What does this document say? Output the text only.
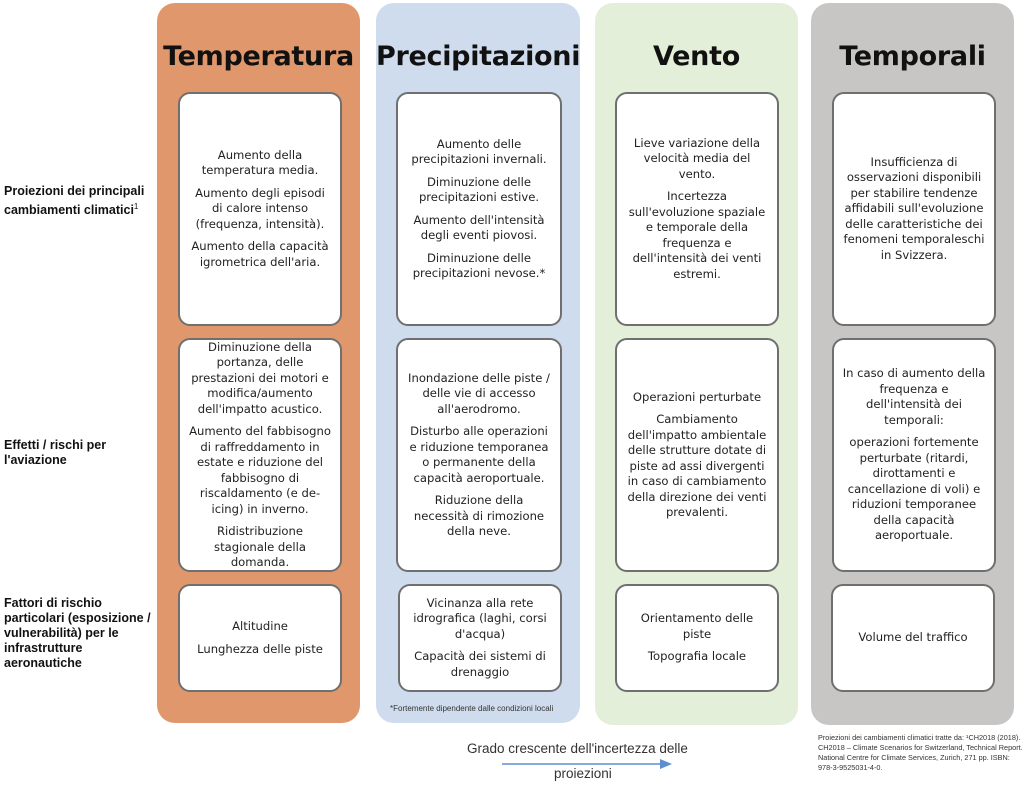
Proiezioni dei principali cambiamenti climatici$^1$
Effetti / rischi per l'aviazione
Fattori di rischio particolari (esposizione / vulnerabilità) per le infrastrutture aeronautiche
Temperatura

Aumento della temperatura media.

Aumento degli episodi di calore intenso (frequenza, intensità).

Aumento della capacità igrometrica dell'aria.

Diminuzione della portanza, delle prestazioni dei motori e modifica/aumento dell'impatto acustico.

Aumento del fabbisogno di raffreddamento in estate e riduzione del fabbisogno di riscaldamento (e de-icing) in inverno.

Ridistribuzione stagionale della domanda.

Altitudine

Lunghezza delle piste

Precipitazioni

Aumento delle precipitazioni invernali.

Diminuzione delle precipitazioni estive.

Aumento dell'intensità degli eventi piovosi.

Diminuzione delle precipitazioni nevose.*

Inondazione delle piste / delle vie di accesso all'aerodromo.

Disturbo alle operazioni e riduzione temporanea o permanente della capacità aeroportuale.

Riduzione della necessità di rimozione della neve.

Vicinanza alla rete idrografica (laghi, corsi d'acqua)

Capacità dei sistemi di drenaggio

*Fortemente dipendente dalle condizioni locali
Vento

Lieve variazione della velocità media del vento.

Incertezza sull'evoluzione spaziale e temporale della frequenza e dell'intensità dei venti estremi.

Operazioni perturbate

Cambiamento dell'impatto ambientale delle strutture dotate di piste ad assi divergenti in caso di cambiamento della direzione dei venti prevalenti.

Orientamento delle piste

Topografia locale

Temporali

Insufficienza di osservazioni disponibili per stabilire tendenze affidabili sull'evoluzione delle caratteristiche dei fenomeni temporaleschi in Svizzera.

In caso di aumento della frequenza e dell'intensità dei temporali:

operazioni fortemente perturbate (ritardi, dirottamenti e cancellazione di voli) e riduzioni temporanee della capacità aeroportuale.

Volume del traffico

Grado crescente dell'incertezza delle
proiezioni
Proiezioni dei cambiamenti climatici tratte da: ¹CH2018 (2018). CH2018 – Climate Scenarios for Switzerland, Technical Report. National Centre for Climate Services, Zurich, 271 pp. ISBN: 978-3-9525031-4-0.
